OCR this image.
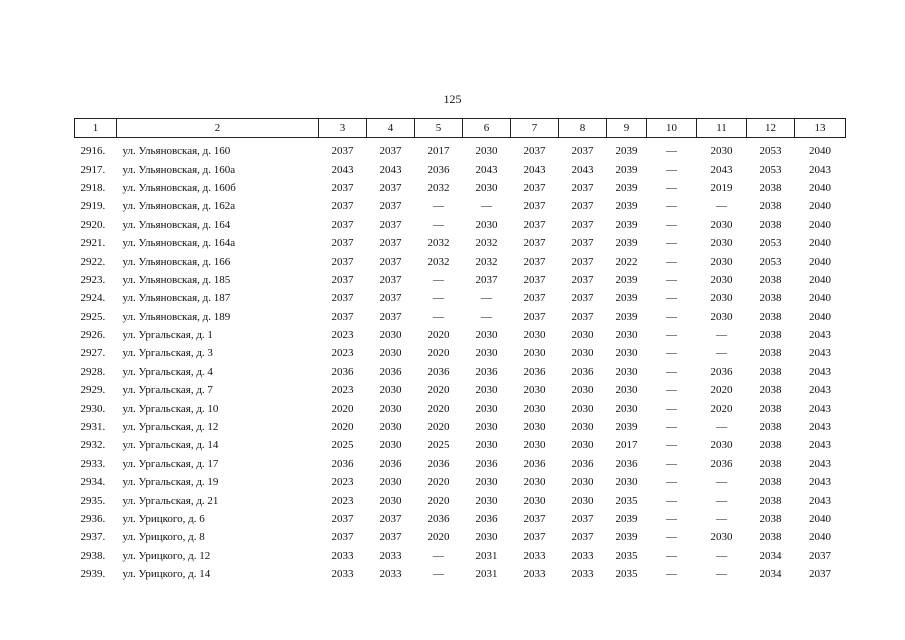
125
1	2	3	4	5	6	7	8	9	10	11	12	13
2916.	ул. Ульяновская, д. 160	2037	2037	2017	2030	2037	2037	2039	—	2030	2053	2040
2917.	ул. Ульяновская, д. 160а	2043	2043	2036	2043	2043	2043	2039	—	2043	2053	2043
2918.	ул. Ульяновская, д. 160б	2037	2037	2032	2030	2037	2037	2039	—	2019	2038	2040
2919.	ул. Ульяновская, д. 162а	2037	2037	—	—	2037	2037	2039	—	—	2038	2040
2920.	ул. Ульяновская, д. 164	2037	2037	—	2030	2037	2037	2039	—	2030	2038	2040
2921.	ул. Ульяновская, д. 164а	2037	2037	2032	2032	2037	2037	2039	—	2030	2053	2040
2922.	ул. Ульяновская, д. 166	2037	2037	2032	2032	2037	2037	2022	—	2030	2053	2040
2923.	ул. Ульяновская, д. 185	2037	2037	—	2037	2037	2037	2039	—	2030	2038	2040
2924.	ул. Ульяновская, д. 187	2037	2037	—	—	2037	2037	2039	—	2030	2038	2040
2925.	ул. Ульяновская, д. 189	2037	2037	—	—	2037	2037	2039	—	2030	2038	2040
2926.	ул. Ургальская, д. 1	2023	2030	2020	2030	2030	2030	2030	—	—	2038	2043
2927.	ул. Ургальская, д. 3	2023	2030	2020	2030	2030	2030	2030	—	—	2038	2043
2928.	ул. Ургальская, д. 4	2036	2036	2036	2036	2036	2036	2030	—	2036	2038	2043
2929.	ул. Ургальская, д. 7	2023	2030	2020	2030	2030	2030	2030	—	2020	2038	2043
2930.	ул. Ургальская, д. 10	2020	2030	2020	2030	2030	2030	2030	—	2020	2038	2043
2931.	ул. Ургальская, д. 12	2020	2030	2020	2030	2030	2030	2039	—	—	2038	2043
2932.	ул. Ургальская, д. 14	2025	2030	2025	2030	2030	2030	2017	—	2030	2038	2043
2933.	ул. Ургальская, д. 17	2036	2036	2036	2036	2036	2036	2036	—	2036	2038	2043
2934.	ул. Ургальская, д. 19	2023	2030	2020	2030	2030	2030	2030	—	—	2038	2043
2935.	ул. Ургальская, д. 21	2023	2030	2020	2030	2030	2030	2035	—	—	2038	2043
2936.	ул. Урицкого, д. 6	2037	2037	2036	2036	2037	2037	2039	—	—	2038	2040
2937.	ул. Урицкого, д. 8	2037	2037	2020	2030	2037	2037	2039	—	2030	2038	2040
2938.	ул. Урицкого, д. 12	2033	2033	—	2031	2033	2033	2035	—	—	2034	2037
2939.	ул. Урицкого, д. 14	2033	2033	—	2031	2033	2033	2035	—	—	2034	2037
